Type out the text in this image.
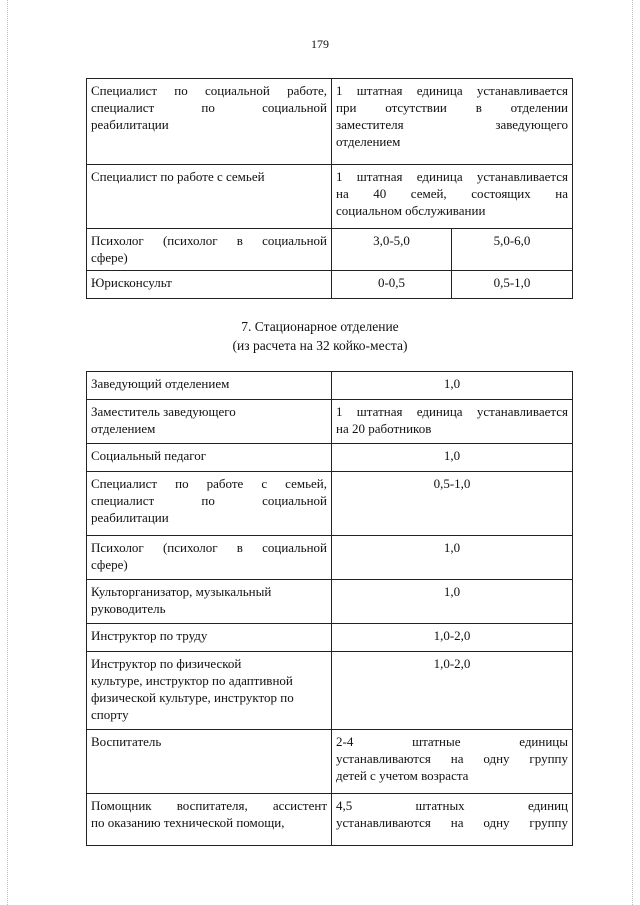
179
Специалист по социальной работе,
специалист по социальной
реабилитации	1 штатная единица устанавливается
при отсутствии в отделении
заместителя заведующего
отделением	

Специалист по работе с семьей	1 штатная единица устанавливается
на 40 семей, состоящих на
социальном обслуживании	

Психолог (психолог в социальной
сфере)	3,0-5,0	5,0-6,0

Юрисконсульт	0-0,5	0,5-1,0
7. Стационарное отделение
(из расчета на 32 койко-места)
Заведующий отделением	1,0

Заместитель заведующего
отделением	1 штатная единица устанавливается
на 20 работников

Социальный педагог	1,0

Специалист по работе с семьей,
специалист по социальной
реабилитации	0,5-1,0

Психолог (психолог в социальной
сфере)	1,0

Культорганизатор, музыкальный
руководитель	1,0

Инструктор по труду	1,0-2,0

Инструктор по физической
культуре, инструктор по адаптивной
физической культуре, инструктор по
спорту	1,0-2,0

Воспитатель	2-4 штатные единицы
устанавливаются на одну группу
детей с учетом возраста

Помощник воспитателя, ассистент
по оказанию технической помощи,	4,5 штатных единиц
устанавливаются на одну группу
